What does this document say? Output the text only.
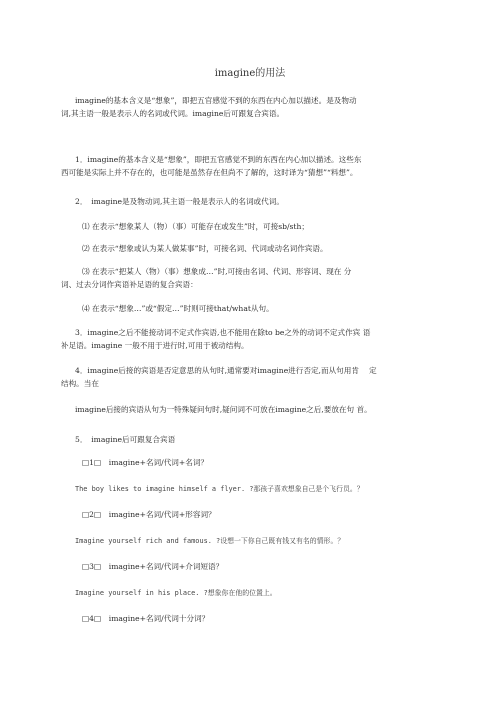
imagine的用法
imagine的基本含义是“想象”，即把五官感觉不到的东西在内心加以描述。是及物动
词,其主语一般是表示人的名词或代词。imagine后可跟复合宾语。
1．imagine的基本含义是“想象”，即把五官感觉不到的东西在内心加以描述。这些东
西可能是实际上并不存在的，也可能是虽然存在但尚不了解的，这时译为“猜想”“料想”。
2．　imagine是及物动词,其主语一般是表示人的名词或代词。
⑴ 在表示“想象某人（物）（事）可能存在或发生”时，可接sb/sth；
⑵ 在表示“想象或认为某人做某事”时，可接名词、代词或动名词作宾语。
⑶ 在表示“把某人（物）（事）想象成…”时,可接由名词、代词、形容词、现在 分
词、过去分词作宾语补足语的复合宾语：
⑷ 在表示“想象…”或“假定…”时则可接that/what从句。
3．imagine之后不能接动词不定式作宾语,也不能用在除to be之外的动词不定式作宾 语
补足语。imagine 一般不用于进行时,可用于被动结构。
4．imagine后接的宾语是否定意思的从句时,通常要对imagine进行否定,而从句用肯　 定
结构。当在
imagine后接的宾语从句为一特殊疑问句时,疑问词不可放在imagine之后,要放在句 首。
5．　imagine后可跟复合宾语
□1□　imagine+名词/代词+名词？
The boy likes to imagine himself a flyer. ?那孩子喜欢想象自己是个飞行员。？
□2□　imagine+名词/代词+形容词？
Imagine yourself rich and famous. ?设想一下你自己既有钱又有名的情形。？
□3□　imagine+名词/代词+介词短语？
Imagine yourself in his place. ?想象你在他的位置上。
□4□　imagine+名词/代词十分词？
